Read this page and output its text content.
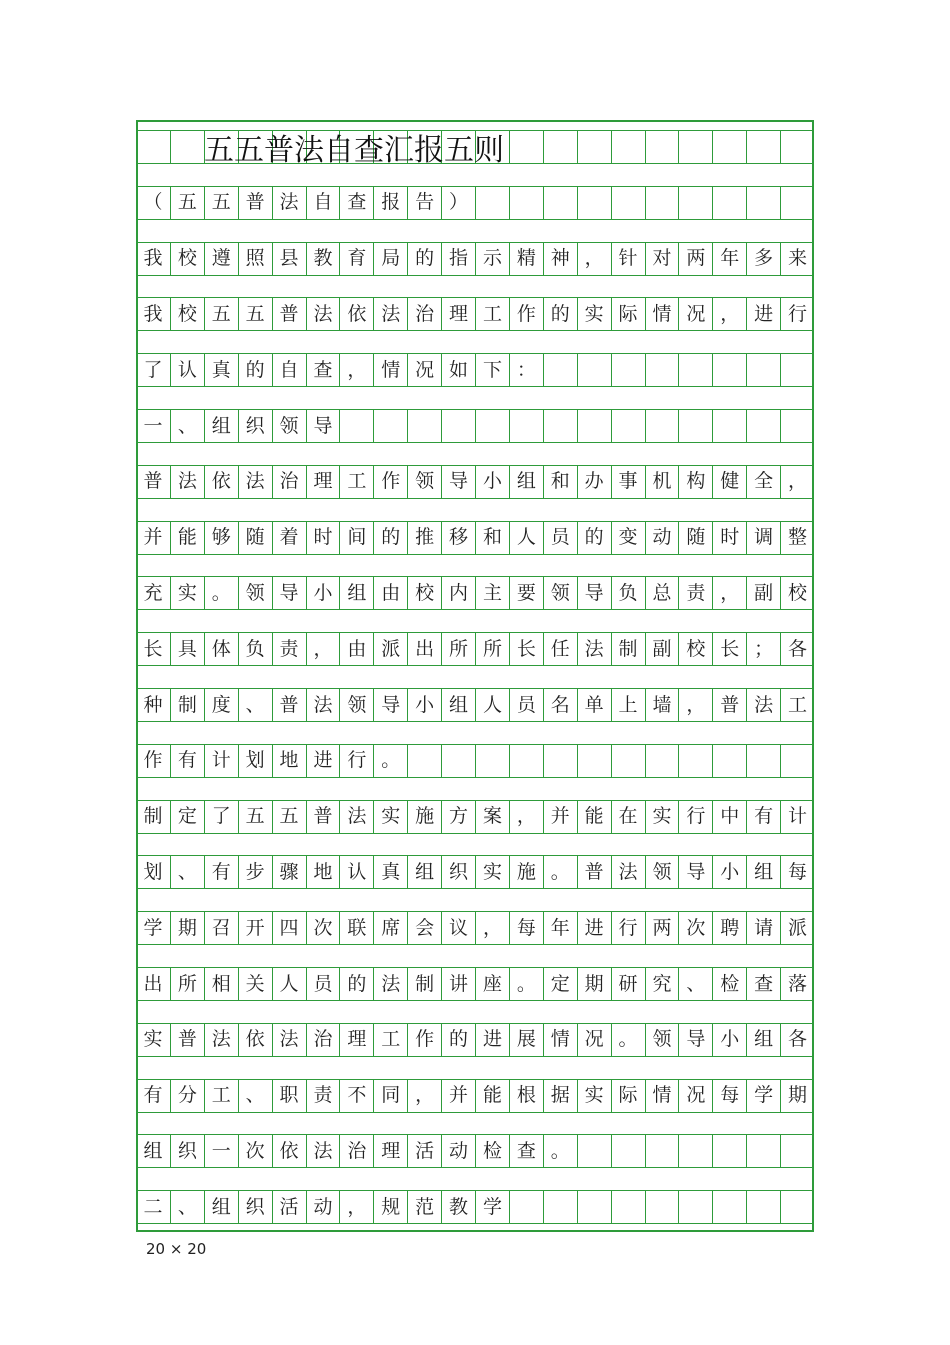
五五普法自查汇报五则
（ 五 五 普 法 自 查 报 告 ）
我 校 遵 照 县 教 育 局 的 指 示 精 神 ， 针 对 两 年 多 来
我 校 五 五 普 法 依 法 治 理 工 作 的 实 际 情 况 ， 进 行
了 认 真 的 自 查 ， 情 况 如 下 ：
一 、 组 织 领 导
普 法 依 法 治 理 工 作 领 导 小 组 和 办 事 机 构 健 全 ，
并 能 够 随 着 时 间 的 推 移 和 人 员 的 变 动 随 时 调 整
充 实 。 领 导 小 组 由 校 内 主 要 领 导 负 总 责 ， 副 校
长 具 体 负 责 ， 由 派 出 所 所 长 任 法 制 副 校 长 ； 各
种 制 度 、 普 法 领 导 小 组 人 员 名 单 上 墙 ， 普 法 工
作 有 计 划 地 进 行 。
制 定 了 五 五 普 法 实 施 方 案 ， 并 能 在 实 行 中 有 计
划 、 有 步 骤 地 认 真 组 织 实 施 。 普 法 领 导 小 组 每
学 期 召 开 四 次 联 席 会 议 ， 每 年 进 行 两 次 聘 请 派
出 所 相 关 人 员 的 法 制 讲 座 。 定 期 研 究 、 检 查 落
实 普 法 依 法 治 理 工 作 的 进 展 情 况 。 领 导 小 组 各
有 分 工 、 职 责 不 同 ， 并 能 根 据 实 际 情 况 每 学 期
组 织 一 次 依 法 治 理 活 动 检 查 。
二 、 组 织 活 动 ， 规 范 教 学
20 × 20
